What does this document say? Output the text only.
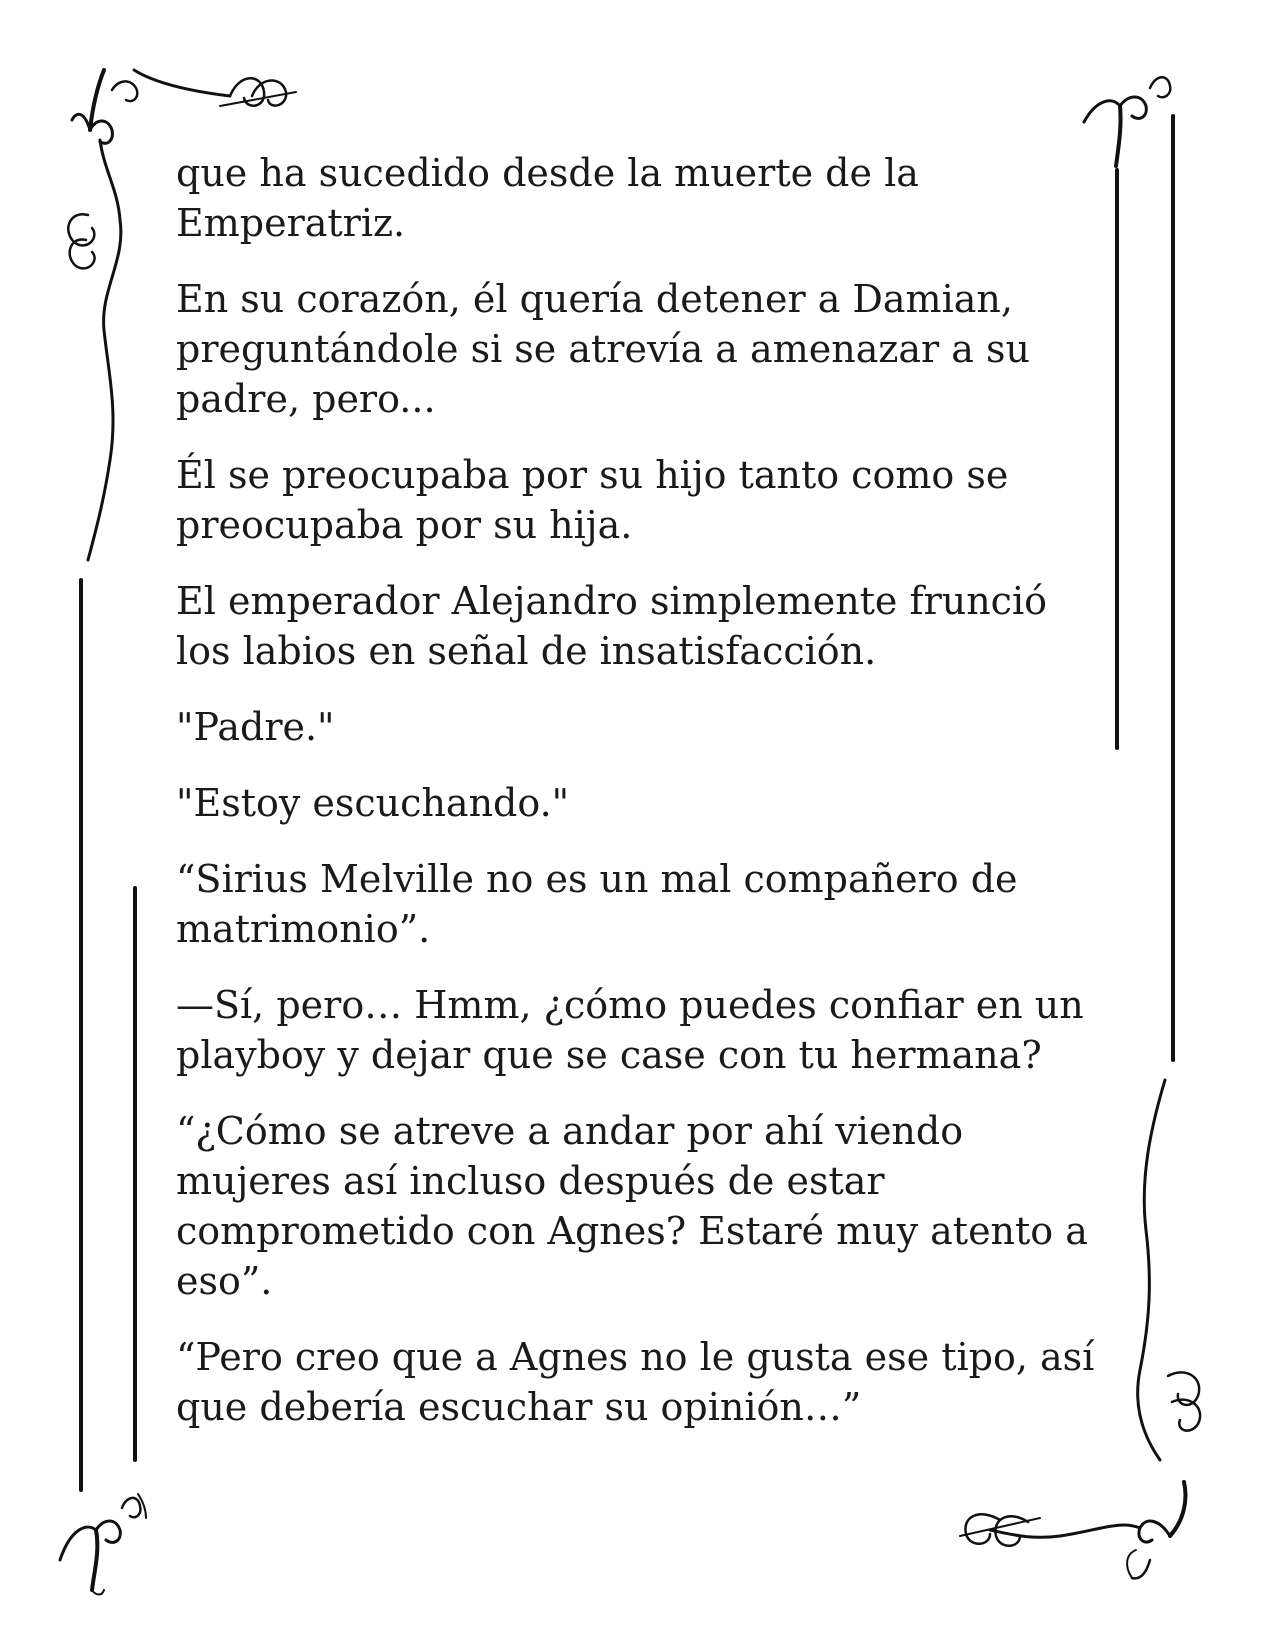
que ha sucedido desde la muerte de la Emperatriz.

En su corazón, él quería detener a Damian, preguntándole si se atrevía a amenazar a su padre, pero...

Él se preocupaba por su hijo tanto como se preocupaba por su hija.

El emperador Alejandro simplemente frunció los labios en señal de insatisfacción.

"Padre."

"Estoy escuchando."

“Sirius Melville no es un mal compañero de matrimonio”.

—Sí, pero… Hmm, ¿cómo puedes confiar en un playboy y dejar que se case con tu hermana?

“¿Cómo se atreve a andar por ahí viendo mujeres así incluso después de estar comprometido con Agnes? Estaré muy atento a eso”.

“Pero creo que a Agnes no le gusta ese tipo, así que debería escuchar su opinión…”
